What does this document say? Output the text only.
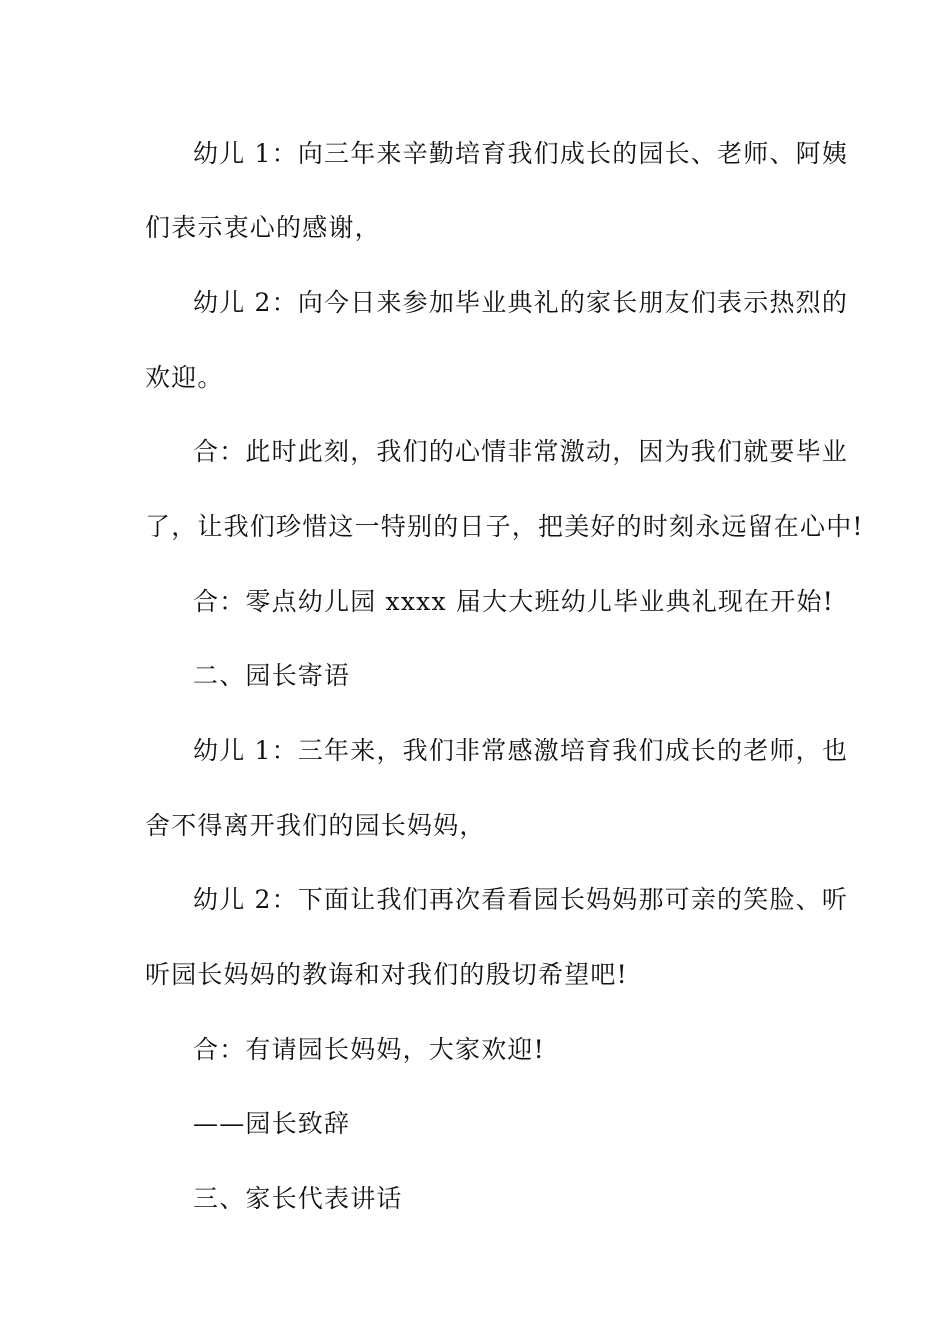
幼儿 1：向三年来辛勤培育我们成长的园长、老师、阿姨
们表示衷心的感谢，
幼儿 2：向今日来参加毕业典礼的家长朋友们表示热烈的
欢迎。
合：此时此刻，我们的心情非常激动，因为我们就要毕业
了，让我们珍惜这一特别的日子，把美好的时刻永远留在心中!
合：零点幼儿园 xxxx 届大大班幼儿毕业典礼现在开始!
二、园长寄语
幼儿 1：三年来，我们非常感激培育我们成长的老师，也
舍不得离开我们的园长妈妈，
幼儿 2：下面让我们再次看看园长妈妈那可亲的笑脸、听
听园长妈妈的教诲和对我们的殷切希望吧!
合：有请园长妈妈，大家欢迎!
——园长致辞
三、家长代表讲话
